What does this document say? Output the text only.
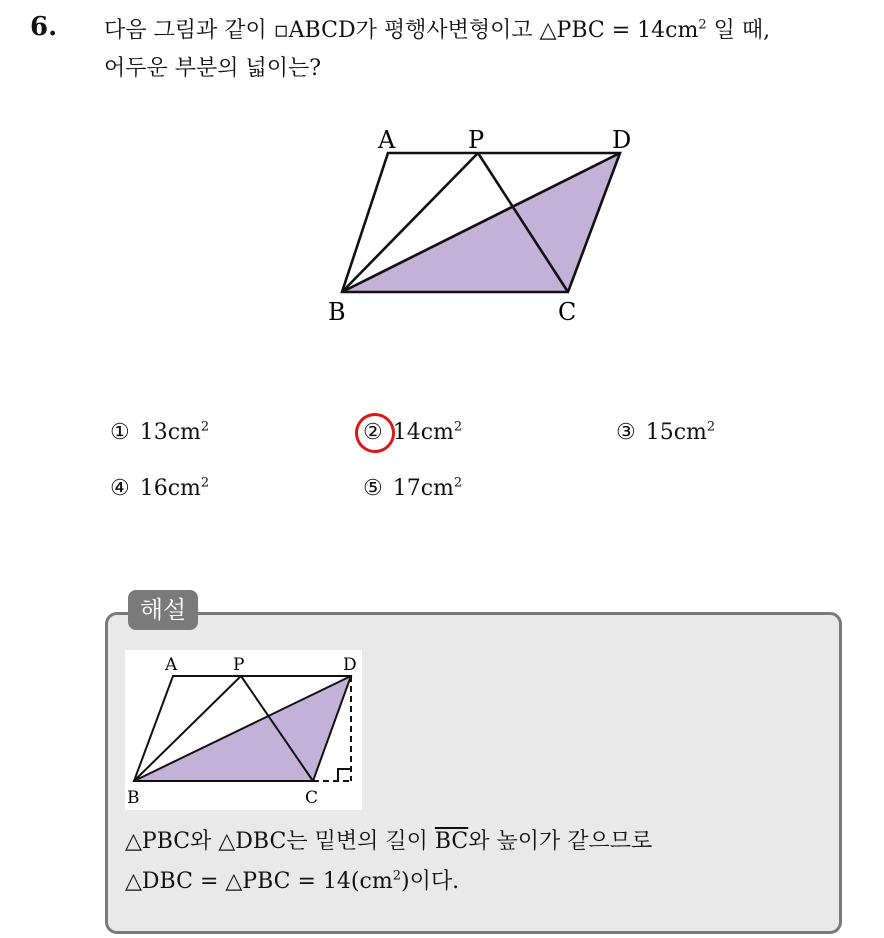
6. 다음 그림과 같이 ▫ABCD가 평행사변형이고 △PBC = $14cm^2$ 일 때,
어두운 부분의 넓이는?
A	P	D
B	C
① $13cm^2$	② $14cm^2$	③ $15cm^2$
④ $16cm^2$	⑤ $17cm^2$
해설
A	P	D
B	C
△PBC와 △DBC는 밑변의 길이 $\overline{BC}$와 높이가 같으므로
△DBC = △PBC = $14(cm^2)$이다.
